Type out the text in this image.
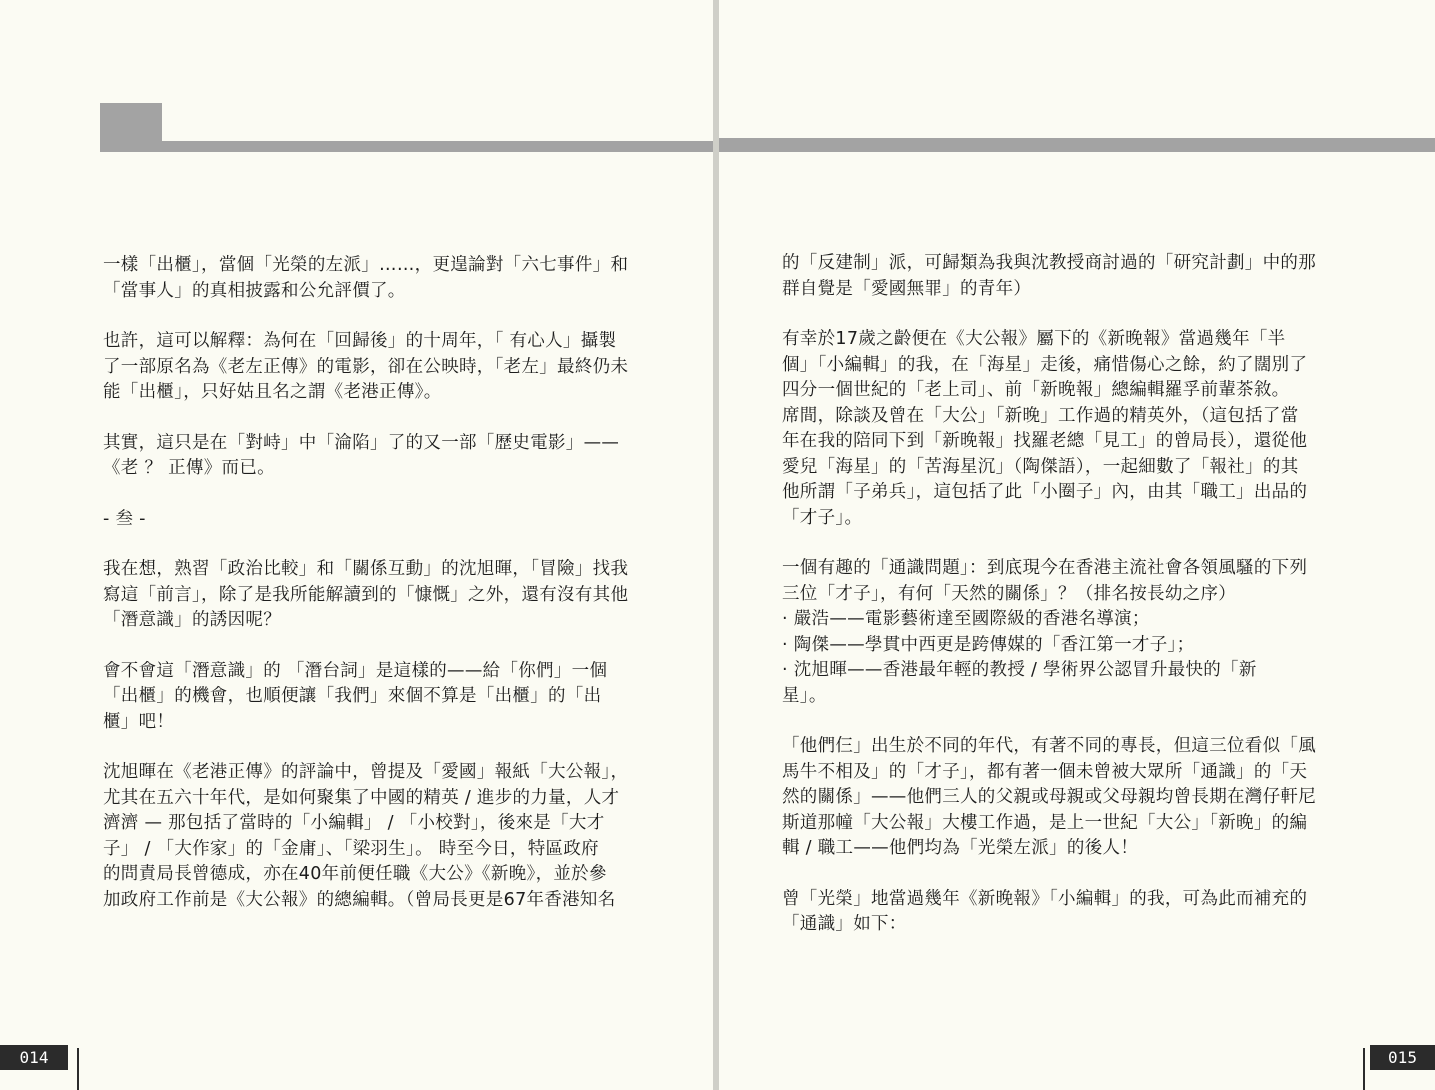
一樣「出櫃」，當個「光榮的左派」……，更遑論對「六七事件」和
「當事人」的真相披露和公允評價了。

也許，這可以解釋：為何在「回歸後」的十周年，「 有心人」攝製
了一部原名為《老左正傳》的電影，卻在公映時，「老左」最終仍未
能「出櫃」，只好姑且名之謂《老港正傳》。

其實，這只是在「對峙」中「淪陷」了的又一部「歷史電影」——
《老 ？ 正傳》而已。

- 叁 -

我在想，熟習「政治比較」和「關係互動」的沈旭暉，「冒險」找我
寫這「前言」，除了是我所能解讀到的「慷慨」之外，還有沒有其他
「潛意識」的誘因呢？

會不會這「潛意識」的 「潛台詞」是這樣的——給「你們」一個
「出櫃」的機會，也順便讓「我們」來個不算是「出櫃」的「出
櫃」吧！

沈旭暉在《老港正傳》的評論中，曾提及「愛國」報紙「大公報」，
尤其在五六十年代，是如何聚集了中國的精英 / 進步的力量，人才
濟濟 — 那包括了當時的「小編輯」 / 「小校對」，後來是「大才
子」 / 「大作家」的「金庸」、「梁羽生」。 時至今日，特區政府
的問責局長曾德成，亦在40年前便任職《大公》《新晚》，並於參
加政府工作前是《大公報》的總編輯。（曾局長更是67年香港知名

014

的「反建制」派，可歸類為我與沈教授商討過的「研究計劃」中的那
群自覺是「愛國無罪」的青年）

有幸於17歲之齡便在《大公報》屬下的《新晚報》當過幾年「半
個」「小編輯」的我，在「海星」走後，痛惜傷心之餘，約了闊別了
四分一個世紀的「老上司」、前「新晚報」總編輯羅孚前輩茶敘。
席間，除談及曾在「大公」「新晚」工作過的精英外，（這包括了當
年在我的陪同下到「新晚報」找羅老總「見工」的曾局長），還從他
愛兒「海星」的「苦海星沉」（陶傑語），一起細數了「報社」的其
他所謂「子弟兵」，這包括了此「小圈子」內，由其「職工」出品的
「才子」。

一個有趣的「通識問題」：到底現今在香港主流社會各領風騷的下列
三位「才子」，有何「天然的關係」？（排名按長幼之序）
· 嚴浩——電影藝術達至國際級的香港名導演；
· 陶傑——學貫中西更是跨傳媒的「香江第一才子」；
· 沈旭暉——香港最年輕的教授 / 學術界公認冒升最快的「新
星」。

「他們仨」出生於不同的年代，有著不同的專長，但這三位看似「風
馬牛不相及」的「才子」，都有著一個未曾被大眾所「通識」的「天
然的關係」——他們三人的父親或母親或父母親均曾長期在灣仔軒尼
斯道那幢「大公報」大樓工作過，是上一世紀「大公」「新晚」的編
輯 / 職工——他們均為「光榮左派」的後人！

曾「光榮」地當過幾年《新晚報》「小編輯」的我，可為此而補充的
「通識」如下：

015
